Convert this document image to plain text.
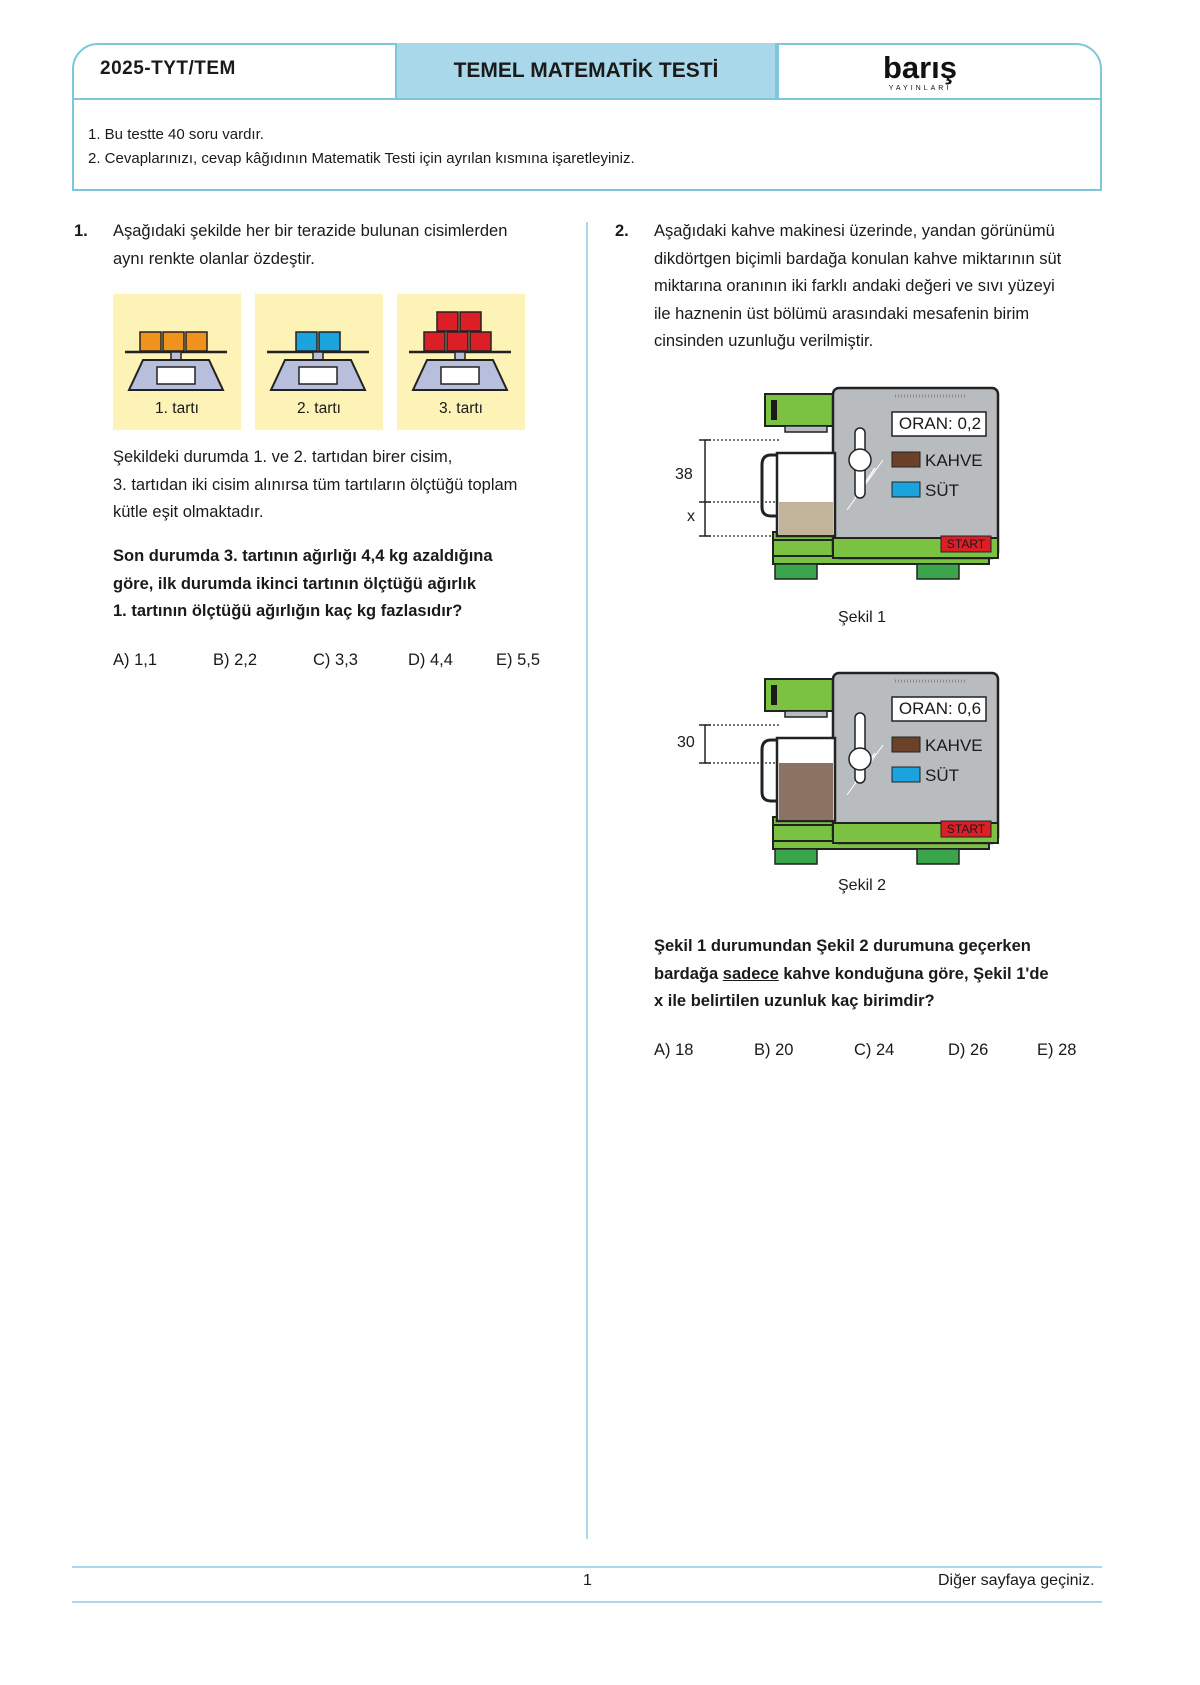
2025-TYT/TEM	TEMEL MATEMATİK TESTİ	barış
YAYINLARI
1. Bu testte 40 soru vardır.
2. Cevaplarınızı, cevap kâğıdının Matematik Testi için ayrılan kısmına işaretleyiniz.
1. Aşağıdaki şekilde her bir terazide bulunan cisimlerden
aynı renkte olanlar özdeştir.
1. tartı	2. tartı	3. tartı
Şekildeki durumda 1. ve 2. tartıdan birer cisim,
3. tartıdan iki cisim alınırsa tüm tartıların ölçtüğü toplam
kütle eşit olmaktadır.
Son durumda 3. tartının ağırlığı 4,4 kg azaldığına
göre, ilk durumda ikinci tartının ölçtüğü ağırlık
1. tartının ölçtüğü ağırlığın kaç kg fazlasıdır?
A) 1,1	B) 2,2	C) 3,3	D) 4,4	E) 5,5
2. Aşağıdaki kahve makinesi üzerinde, yandan görünümü
dikdörtgen biçimli bardağa konulan kahve miktarının süt
miktarına oranının iki farklı andaki değeri ve sıvı yüzeyi
ile haznenin üst bölümü arasındaki mesafenin birim
cinsinden uzunluğu verilmiştir.
ORAN: 0,2
KAHVE
SÜT
START
38
x
Şekil 1
ORAN: 0,6
KAHVE
SÜT
START
30
Şekil 2
Şekil 1 durumundan Şekil 2 durumuna geçerken
bardağa sadece kahve konduğuna göre, Şekil 1'de
x ile belirtilen uzunluk kaç birimdir?
A) 18	B) 20	C) 24	D) 26	E) 28
1	Diğer sayfaya geçiniz.
